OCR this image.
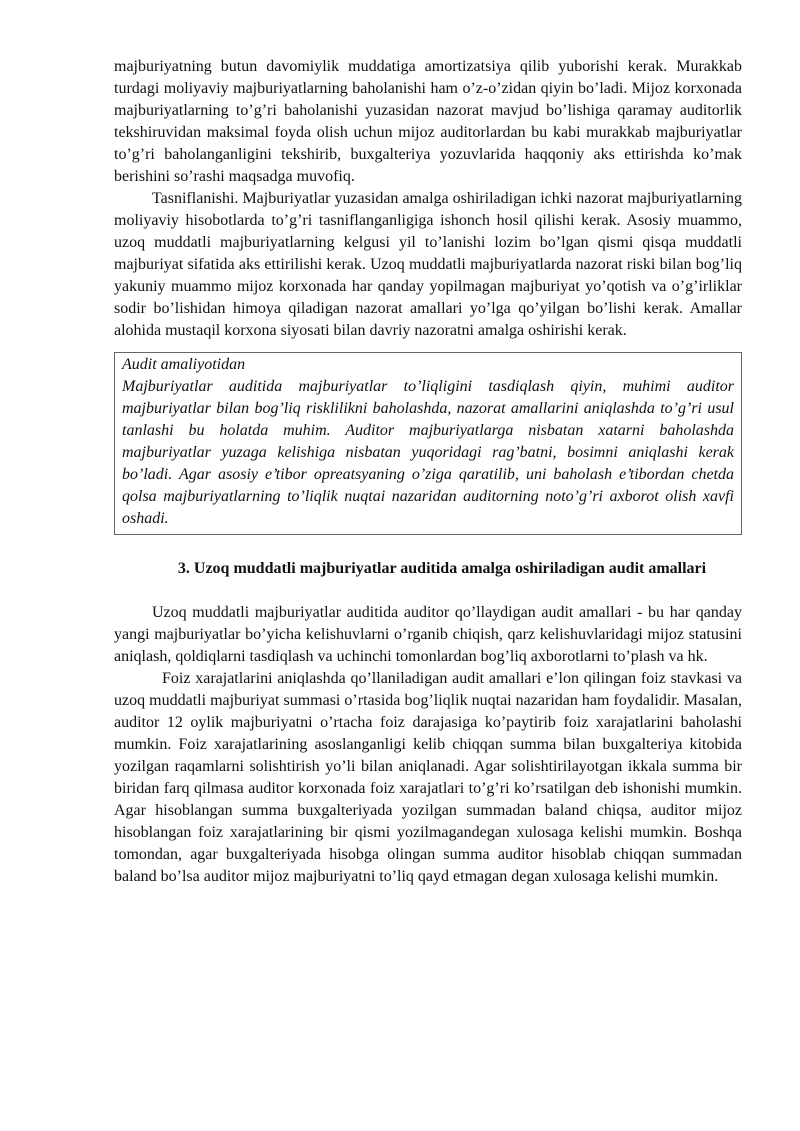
majburiyatning butun davomiylik muddatiga amortizatsiya qilib yuborishi kerak. Murakkab turdagi moliyaviy majburiyatlarning baholanishi ham o’z-o’zidan qiyin bo’ladi. Mijoz korxonada majburiyatlarning to’g’ri baholanishi yuzasidan nazorat mavjud bo’lishiga qaramay auditorlik tekshiruvidan maksimal foyda olish uchun mijoz auditorlardan bu kabi murakkab majburiyatlar to’g’ri baholanganligini tekshirib, buxgalteriya yozuvlarida haqqoniy aks ettirishda ko’mak berishini so’rashi maqsadga muvofiq.

Tasniflanishi. Majburiyatlar yuzasidan amalga oshiriladigan ichki nazorat majburiyatlarning moliyaviy hisobotlarda to’g’ri tasniflanganligiga ishonch hosil qilishi kerak. Asosiy muammo, uzoq muddatli majburiyatlarning kelgusi yil to’lanishi lozim bo’lgan qismi qisqa muddatli majburiyat sifatida aks ettirilishi kerak. Uzoq muddatli majburiyatlarda nazorat riski bilan bog’liq yakuniy muammo mijoz korxonada har qanday yopilmagan majburiyat yo’qotish va o’g’irliklar sodir bo’lishidan himoya qiladigan nazorat amallari yo’lga qo’yilgan bo’lishi kerak. Amallar alohida mustaqil korxona siyosati bilan davriy nazoratni amalga oshirishi kerak.

Audit amaliyotidan

Majburiyatlar auditida majburiyatlar to’liqligini tasdiqlash qiyin, muhimi auditor majburiyatlar bilan bog’liq risklilikni baholashda, nazorat amallarini aniqlashda to’g’ri usul tanlashi bu holatda muhim. Auditor majburiyatlarga nisbatan xatarni baholashda majburiyatlar yuzaga kelishiga nisbatan yuqoridagi rag’batni, bosimni aniqlashi kerak bo’ladi. Agar asosiy e’tibor opreatsyaning o’ziga qaratilib, uni baholash e’tibordan chetda qolsa majburiyatlarning to’liqlik nuqtai nazaridan auditorning noto’g’ri axborot olish xavfi oshadi.

3. Uzoq muddatli majburiyatlar auditida amalga oshiriladigan audit amallari

Uzoq muddatli majburiyatlar auditida auditor qo’llaydigan audit amallari - bu har qanday yangi majburiyatlar bo’yicha kelishuvlarni o’rganib chiqish, qarz kelishuvlaridagi mijoz statusini aniqlash, qoldiqlarni tasdiqlash va uchinchi tomonlardan bog’liq axborotlarni to’plash va hk.

Foiz xarajatlarini aniqlashda qo’llaniladigan audit amallari e’lon qilingan foiz stavkasi va uzoq muddatli majburiyat summasi o’rtasida bog’liqlik nuqtai nazaridan ham foydalidir. Masalan, auditor 12 oylik majburiyatni o’rtacha foiz darajasiga ko’paytirib foiz xarajatlarini baholashi mumkin. Foiz xarajatlarining asoslanganligi kelib chiqqan summa bilan buxgalteriya kitobida yozilgan raqamlarni solishtirish yo’li bilan aniqlanadi. Agar solishtirilayotgan ikkala summa bir biridan farq qilmasa auditor korxonada foiz xarajatlari to’g’ri ko’rsatilgan deb ishonishi mumkin. Agar hisoblangan summa buxgalteriyada yozilgan summadan baland chiqsa, auditor mijoz hisoblangan foiz xarajatlarining bir qismi yozilmagandegan xulosaga kelishi mumkin. Boshqa tomondan, agar buxgalteriyada hisobga olingan summa auditor hisoblab chiqqan summadan baland bo’lsa auditor mijoz majburiyatni to’liq qayd etmagan degan xulosaga kelishi mumkin.
